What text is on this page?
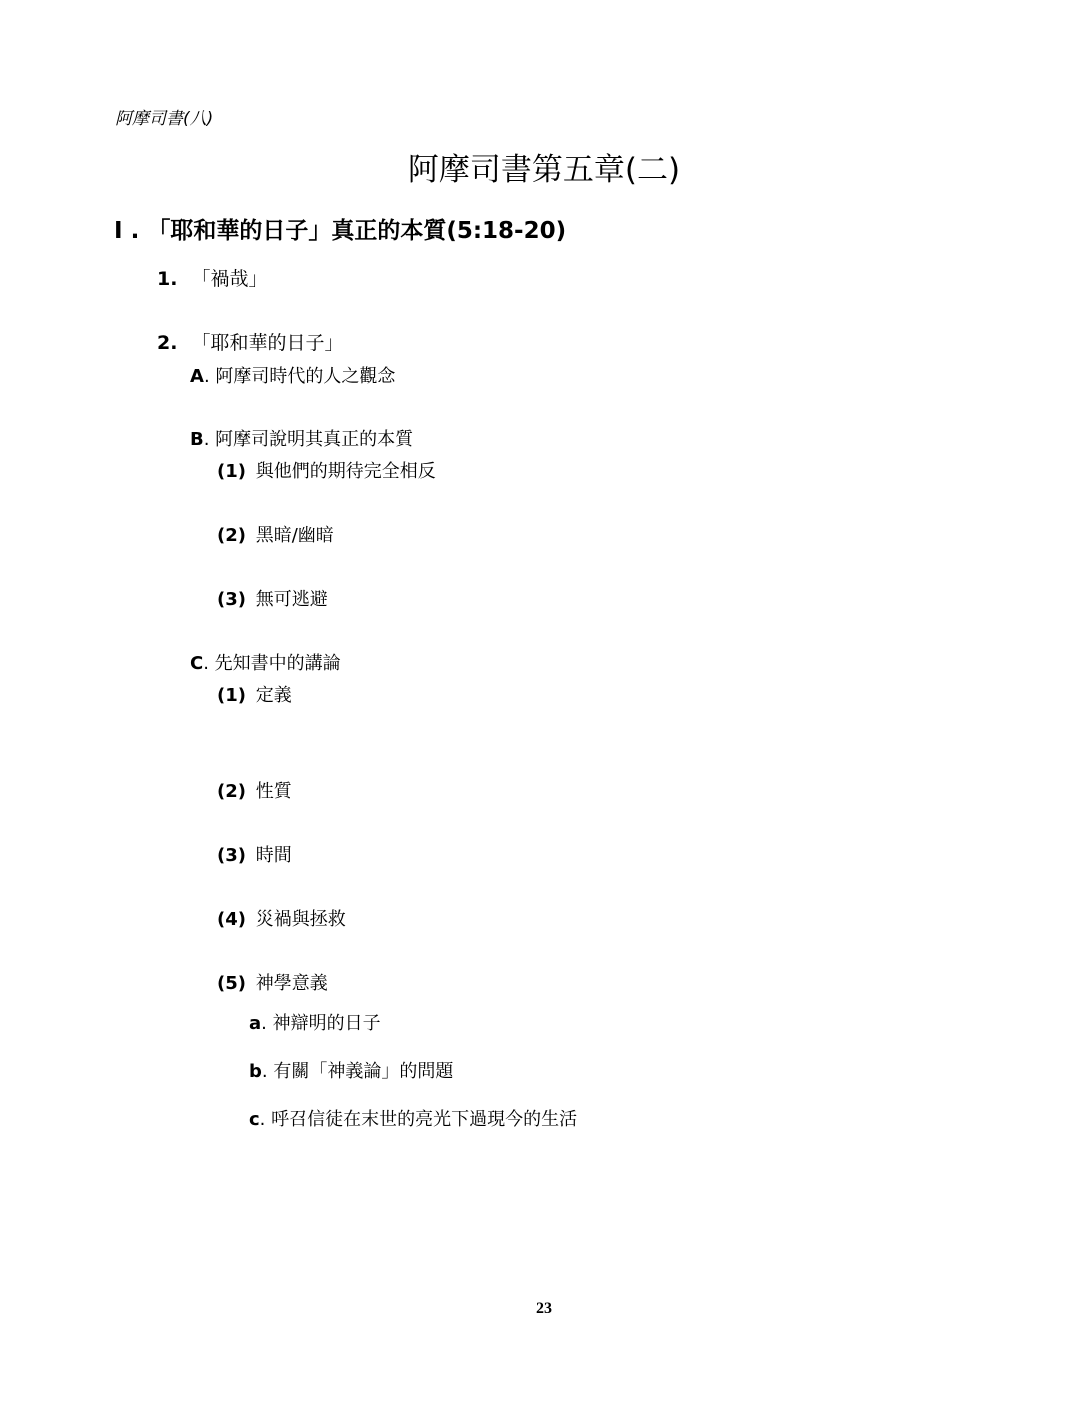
阿摩司書(八)
阿摩司書第五章(二)
I . 「耶和華的日子」真正的本質(5:18-20)
1. 「禍哉」
2. 「耶和華的日子」
A. 阿摩司時代的人之觀念
B. 阿摩司說明其真正的本質
(1) 與他們的期待完全相反
(2) 黑暗/幽暗
(3) 無可逃避
C. 先知書中的講論
(1) 定義
(2) 性質
(3) 時間
(4) 災禍與拯救
(5) 神學意義
a. 神辯明的日子
b. 有關「神義論」的問題
c. 呼召信徒在末世的亮光下過現今的生活
23
